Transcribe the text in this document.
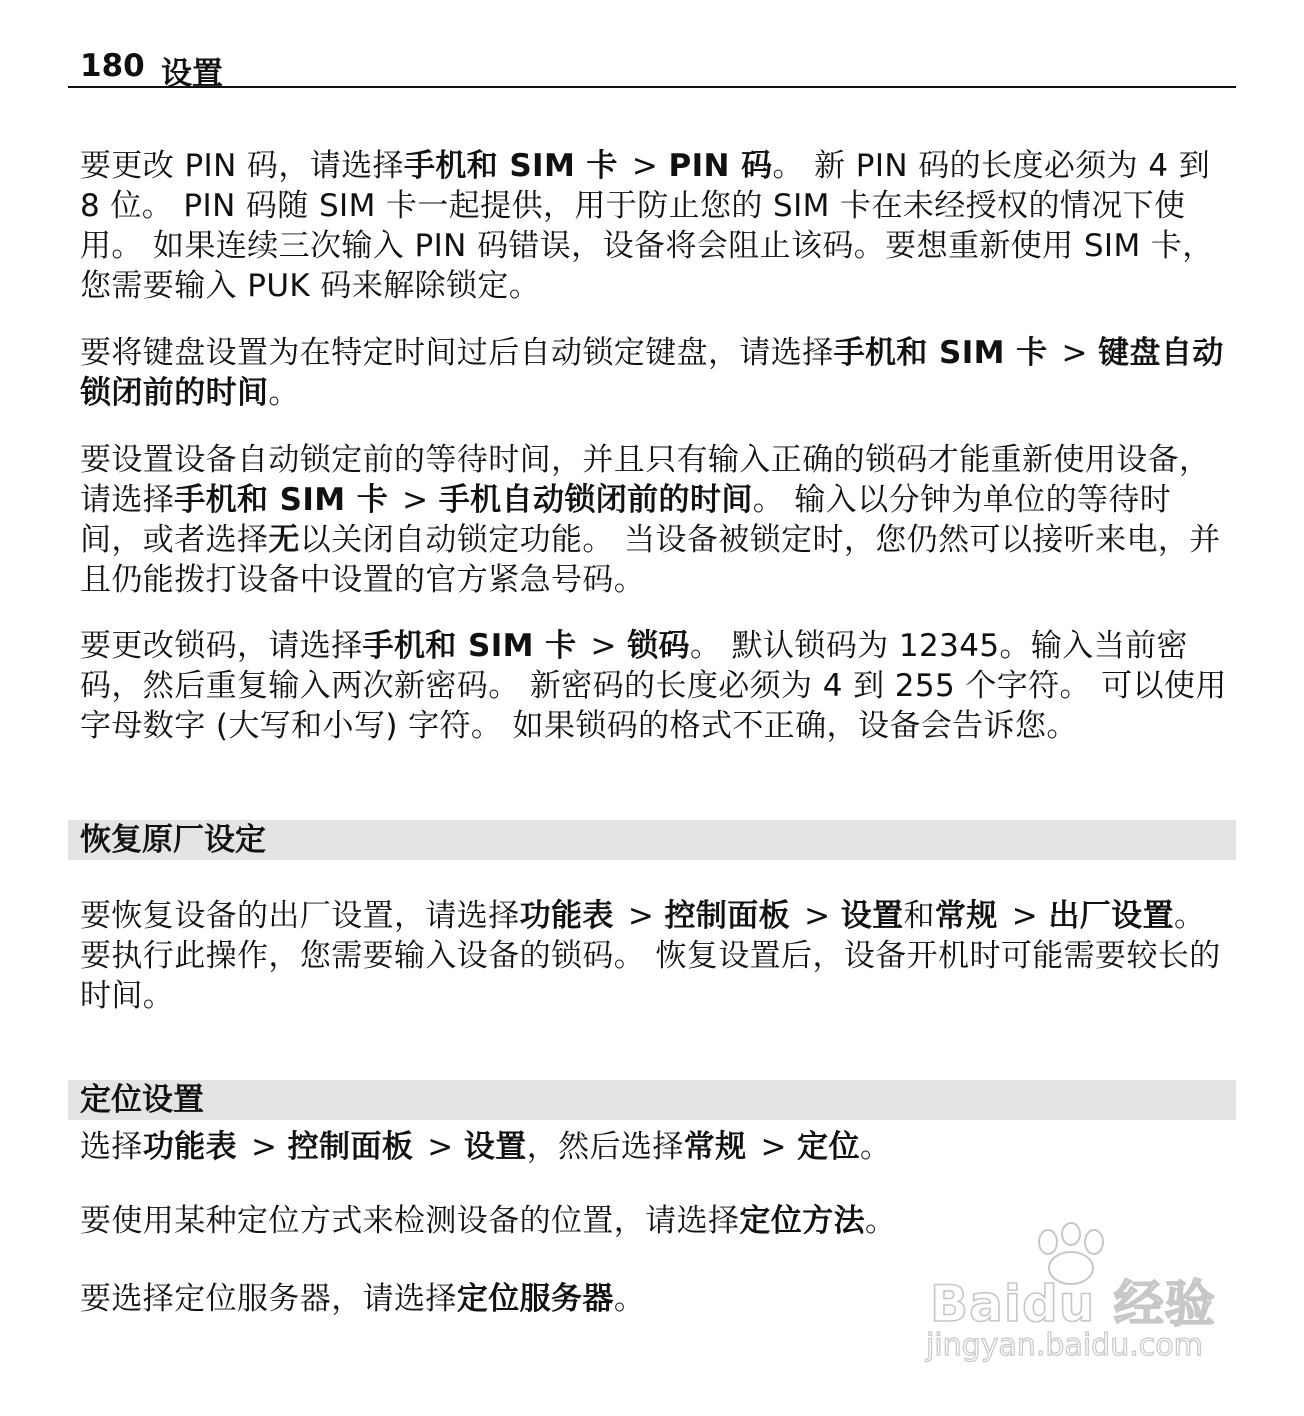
180 设置

要更改 PIN 码，请选择手机和 SIM 卡 > PIN 码。 新 PIN 码的长度必须为 4 到 8 位。 PIN 码随 SIM 卡一起提供，用于防止您的 SIM 卡在未经授权的情况下使用。 如果连续三次输入 PIN 码错误，设备将会阻止该码。要想重新使用 SIM 卡，您需要输入 PUK 码来解除锁定。

要将键盘设置为在特定时间过后自动锁定键盘，请选择手机和 SIM 卡 > 键盘自动锁闭前的时间。

要设置设备自动锁定前的等待时间，并且只有输入正确的锁码才能重新使用设备，请选择手机和 SIM 卡 > 手机自动锁闭前的时间。 输入以分钟为单位的等待时间，或者选择无以关闭自动锁定功能。 当设备被锁定时，您仍然可以接听来电，并且仍能拨打设备中设置的官方紧急号码。

要更改锁码，请选择手机和 SIM 卡 > 锁码。 默认锁码为 12345。输入当前密码，然后重复输入两次新密码。 新密码的长度必须为 4 到 255 个字符。 可以使用字母数字 (大写和小写) 字符。 如果锁码的格式不正确，设备会告诉您。

恢复原厂设定

要恢复设备的出厂设置，请选择功能表 > 控制面板 > 设置和常规 > 出厂设置。 要执行此操作，您需要输入设备的锁码。 恢复设置后，设备开机时可能需要较长的时间。

定位设置

选择功能表 > 控制面板 > 设置，然后选择常规 > 定位。

要使用某种定位方式来检测设备的位置，请选择定位方法。

要选择定位服务器，请选择定位服务器。	Baidu 经验
jingyan.baidu.com
